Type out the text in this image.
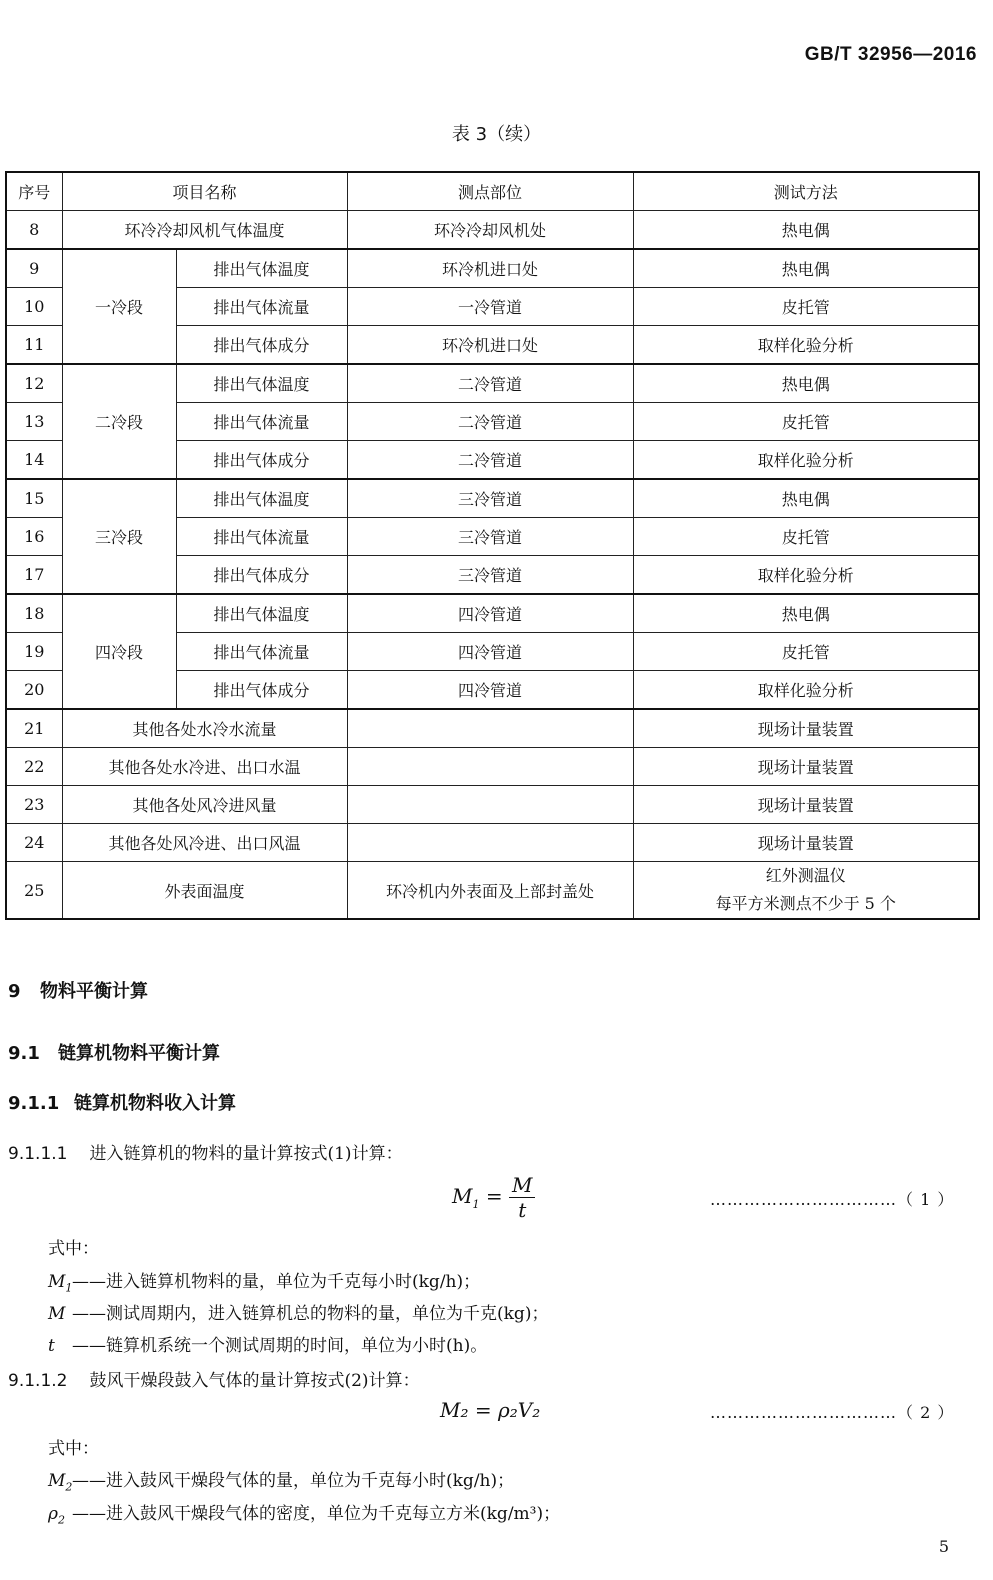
GB/T 32956—2016
表 3（续）
序号	项目名称		测点部位	测试方法
8	环冷冷却风机气体温度		环冷冷却风机处	热电偶
9	一冷段	排出气体温度	环冷机进口处	热电偶
10		排出气体流量	一冷管道	皮托管
11		排出气体成分	环冷机进口处	取样化验分析
12	二冷段	排出气体温度	二冷管道	热电偶
13		排出气体流量	二冷管道	皮托管
14		排出气体成分	二冷管道	取样化验分析
15	三冷段	排出气体温度	三冷管道	热电偶
16		排出气体流量	三冷管道	皮托管
17		排出气体成分	三冷管道	取样化验分析
18	四冷段	排出气体温度	四冷管道	热电偶
19		排出气体流量	四冷管道	皮托管
20		排出气体成分	四冷管道	取样化验分析
21	其他各处水冷水流量			现场计量装置
22	其他各处水冷进、出口水温			现场计量装置
23	其他各处风冷进风量			现场计量装置
24	其他各处风冷进、出口风温			现场计量装置
25	外表面温度		环冷机内外表面及上部封盖处	红外测温仪
每平方米测点不少于 5 个
9 物料平衡计算
9.1 链算机物料平衡计算
9.1.1 链算机物料收入计算
9.1.1.1 进入链算机的物料的量计算按式(1)计算：
$M_1 = \frac{M}{t}$	……………………………（ 1 ）
式中：
$M_1——$进入链算机物料的量，单位为千克每小时(kg/h)；
M ——测试周期内，进入链算机总的物料的量，单位为千克(kg)；
t ——链算机系统一个测试周期的时间，单位为小时(h)。
9.1.1.2 鼓风干燥段鼓入气体的量计算按式(2)计算：
M₂ = ρ₂V₂	……………………………（ 2 ）
式中：
$M_2——$进入鼓风干燥段气体的量，单位为千克每小时(kg/h)；
$\rho_2$ ——进入鼓风干燥段气体的密度，单位为千克每立方米(kg/m³)；
5
